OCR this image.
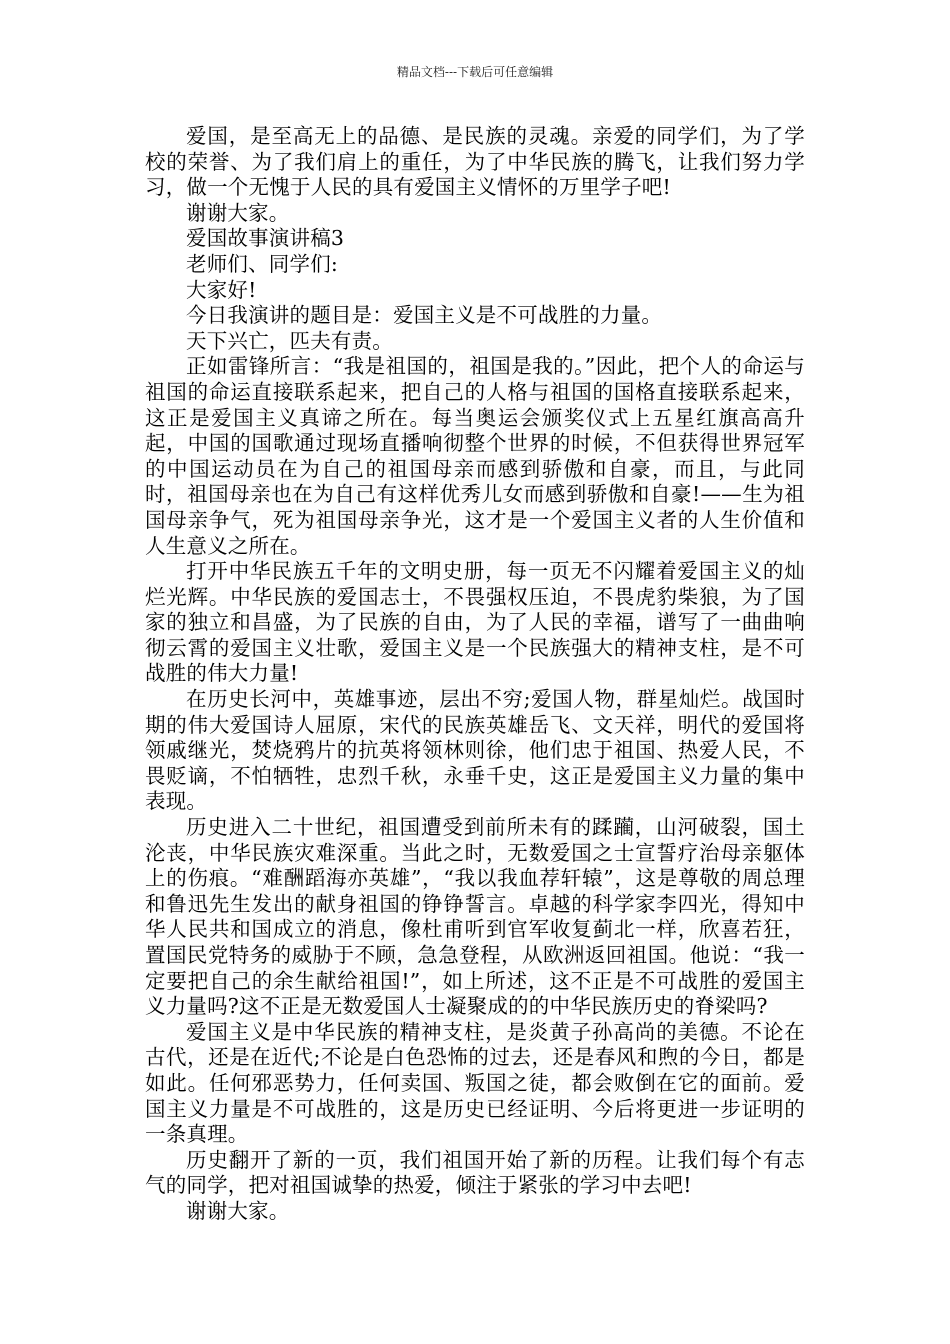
精品文档---下载后可任意编辑

爱国，是至高无上的品德、是民族的灵魂。亲爱的同学们，为了学校的荣誉、为了我们肩上的重任，为了中华民族的腾飞，让我们努力学习，做一个无愧于人民的具有爱国主义情怀的万里学子吧!

谢谢大家。

爱国故事演讲稿3

老师们、同学们:

大家好!

今日我演讲的题目是：爱国主义是不可战胜的力量。

天下兴亡，匹夫有责。

正如雷锋所言：“我是祖国的，祖国是我的。”因此，把个人的命运与祖国的命运直接联系起来，把自己的人格与祖国的国格直接联系起来，这正是爱国主义真谛之所在。每当奥运会颁奖仪式上五星红旗高高升起，中国的国歌通过现场直播响彻整个世界的时候，不但获得世界冠军的中国运动员在为自己的祖国母亲而感到骄傲和自豪，而且，与此同时，祖国母亲也在为自己有这样优秀儿女而感到骄傲和自豪!——生为祖国母亲争气，死为祖国母亲争光，这才是一个爱国主义者的人生价值和人生意义之所在。

打开中华民族五千年的文明史册，每一页无不闪耀着爱国主义的灿烂光辉。中华民族的爱国志士，不畏强权压迫，不畏虎豹柴狼，为了国家的独立和昌盛，为了民族的自由，为了人民的幸福，谱写了一曲曲响彻云霄的爱国主义壮歌，爱国主义是一个民族强大的精神支柱，是不可战胜的伟大力量!

在历史长河中，英雄事迹，层出不穷;爱国人物，群星灿烂。战国时期的伟大爱国诗人屈原，宋代的民族英雄岳飞、文天祥，明代的爱国将领戚继光，焚烧鸦片的抗英将领林则徐，他们忠于祖国、热爱人民，不畏贬谪，不怕牺牲，忠烈千秋，永垂千史，这正是爱国主义力量的集中表现。

历史进入二十世纪，祖国遭受到前所未有的蹂躏，山河破裂，国土沦丧，中华民族灾难深重。当此之时，无数爱国之士宣誓疗治母亲躯体上的伤痕。“难酬蹈海亦英雄”，“我以我血荐轩辕”，这是尊敬的周总理和鲁迅先生发出的献身祖国的铮铮誓言。卓越的科学家李四光，得知中华人民共和国成立的消息，像杜甫听到官军收复蓟北一样，欣喜若狂，置国民党特务的威胁于不顾，急急登程，从欧洲返回祖国。他说：“我一定要把自己的余生献给祖国!”，如上所述，这不正是不可战胜的爱国主义力量吗?这不正是无数爱国人士凝聚成的的中华民族历史的脊梁吗?

爱国主义是中华民族的精神支柱，是炎黄子孙高尚的美德。不论在古代，还是在近代;不论是白色恐怖的过去，还是春风和煦的今日，都是如此。任何邪恶势力，任何卖国、叛国之徒，都会败倒在它的面前。爱国主义力量是不可战胜的，这是历史已经证明、今后将更进一步证明的一条真理。

历史翻开了新的一页，我们祖国开始了新的历程。让我们每个有志气的同学，把对祖国诚挚的热爱，倾注于紧张的学习中去吧!

谢谢大家。
